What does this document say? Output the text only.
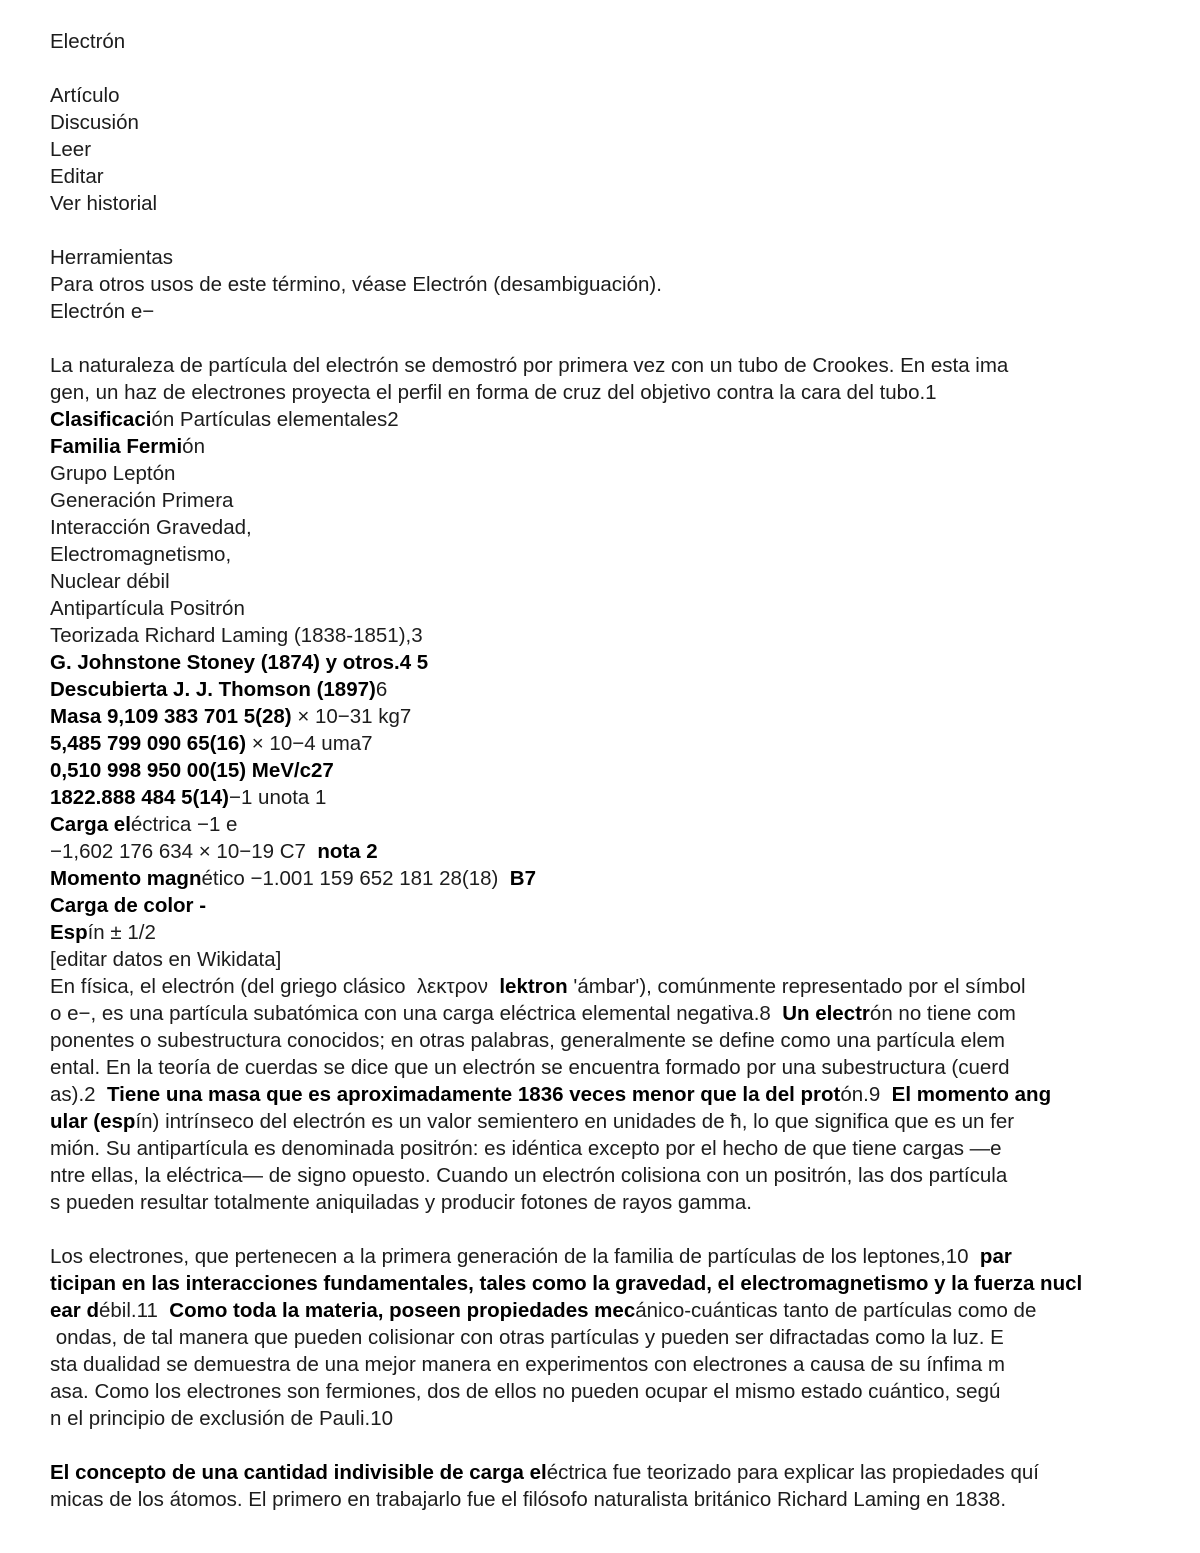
Electrón
Artículo
Discusión
Leer
Editar
Ver historial
Herramientas
Para otros usos de este término, véase Electrón (desambiguación).
Electrón e−
La naturaleza de partícula del electrón se demostró por primera vez con un tubo de Crookes. En esta ima
gen, un haz de electrones proyecta el perfil en forma de cruz del objetivo contra la cara del tubo.1
Clasificación Partículas elementales2
Familia Fermión
Grupo Leptón
Generación Primera
Interacción Gravedad,
Electromagnetismo,
Nuclear débil
Antipartícula Positrón
Teorizada Richard Laming (1838-1851),3
G. Johnstone Stoney (1874) y otros.4 5
Descubierta J. J. Thomson (1897)6
Masa 9,109 383 701 5(28) × 10−31 kg7
5,485 799 090 65(16) × 10−4 uma7
0,510 998 950 00(15) MeV/c27
1822.888 484 5(14)−1 unota 1
Carga eléctrica −1 e
−1,602 176 634 × 10−19 C7  nota 2
Momento magnético −1.001 159 652 181 28(18)  B7
Carga de color -
Espín ± 1/2
[editar datos en Wikidata]
En física, el electrón (del griego clásico  λεκτρον  lektron 'ámbar'), comúnmente representado por el símbol
o e−, es una partícula subatómica con una carga eléctrica elemental negativa.8  Un electrón no tiene com
ponentes o subestructura conocidos; en otras palabras, generalmente se define como una partícula elem
ental. En la teoría de cuerdas se dice que un electrón se encuentra formado por una subestructura (cuerd
as).2  Tiene una masa que es aproximadamente 1836 veces menor que la del protón.9  El momento ang
ular (espín) intrínseco del electrón es un valor semientero en unidades de ħ, lo que significa que es un fer
mión. Su antipartícula es denominada positrón: es idéntica excepto por el hecho de que tiene cargas —e
ntre ellas, la eléctrica— de signo opuesto. Cuando un electrón colisiona con un positrón, las dos partícula
s pueden resultar totalmente aniquiladas y producir fotones de rayos gamma.
Los electrones, que pertenecen a la primera generación de la familia de partículas de los leptones,10  par
ticipan en las interacciones fundamentales, tales como la gravedad, el electromagnetismo y la fuerza nucl
ear débil.11  Como toda la materia, poseen propiedades mecánico-cuánticas tanto de partículas como de
ondas, de tal manera que pueden colisionar con otras partículas y pueden ser difractadas como la luz. E
sta dualidad se demuestra de una mejor manera en experimentos con electrones a causa de su ínfima m
asa. Como los electrones son fermiones, dos de ellos no pueden ocupar el mismo estado cuántico, segú
n el principio de exclusión de Pauli.10
El concepto de una cantidad indivisible de carga eléctrica fue teorizado para explicar las propiedades quí
micas de los átomos. El primero en trabajarlo fue el filósofo naturalista británico Richard Laming en 1838.
